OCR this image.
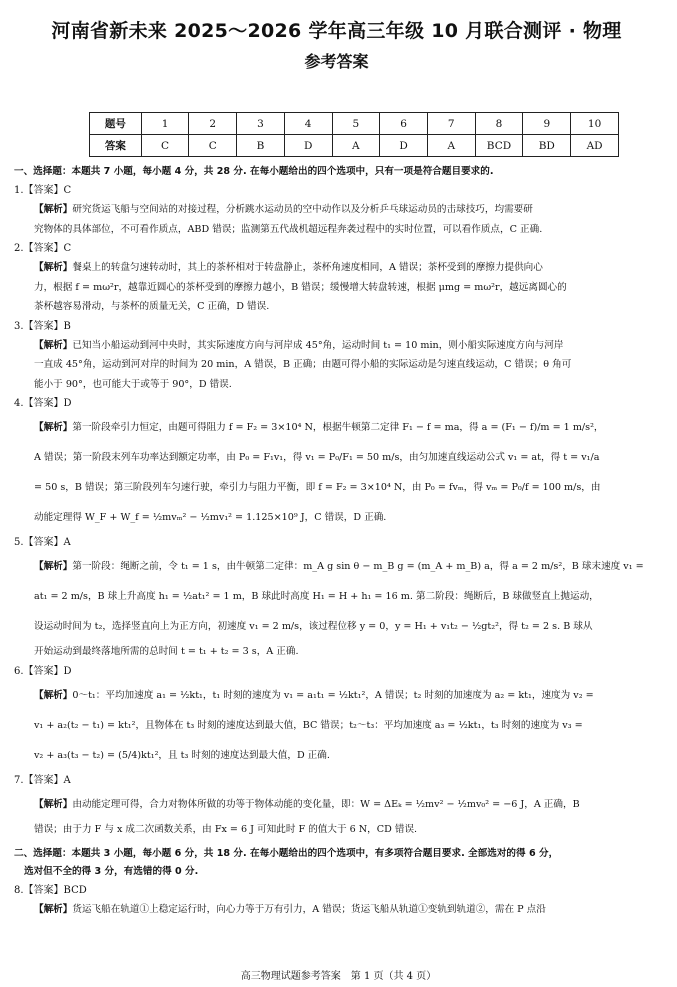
河南省新未来 2025～2026 学年高三年级 10 月联合测评 · 物理
参考答案
题号	1	2	3	4	5	6	7	8	9	10
答案	C	C	B	D	A	D	A	BCD	BD	AD
一、选择题：本题共 7 小题，每小题 4 分，共 28 分. 在每小题给出的四个选项中，只有一项是符合题目要求的.
1.【答案】C
【解析】研究货运飞船与空间站的对接过程，分析跳水运动员的空中动作以及分析乒乓球运动员的击球技巧，均需要研
究物体的具体部位，不可看作质点，ABD 错误；监测第五代战机超远程奔袭过程中的实时位置，可以看作质点，C 正确.
2.【答案】C
【解析】餐桌上的转盘匀速转动时，其上的茶杯相对于转盘静止，茶杯角速度相同，A 错误；茶杯受到的摩擦力提供向心
力，根据 f = mω²r，越靠近圆心的茶杯受到的摩擦力越小，B 错误；缓慢增大转盘转速，根据 μmg = mω²r，越远离圆心的
茶杯越容易滑动，与茶杯的质量无关，C 正确，D 错误.
3.【答案】B
【解析】已知当小船运动到河中央时，其实际速度方向与河岸成 45°角，运动时间 t₁ = 10 min，则小船实际速度方向与河岸
一直成 45°角，运动到河对岸的时间为 20 min，A 错误，B 正确；由题可得小船的实际运动是匀速直线运动，C 错误；θ 角可
能小于 90°，也可能大于或等于 90°，D 错误.
4.【答案】D
【解析】第一阶段牵引力恒定，由题可得阻力 f = F₂ = 3×10⁴ N，根据牛顿第二定律 F₁ − f = ma，得 a = (F₁ − f)/m = 1 m/s²，
A 错误；第一阶段末列车功率达到额定功率，由 P₀ = F₁v₁，得 v₁ = P₀/F₁ = 50 m/s，由匀加速直线运动公式 v₁ = at，得 t = v₁/a
= 50 s，B 错误；第三阶段列车匀速行驶，牵引力与阻力平衡，即 f = F₂ = 3×10⁴ N，由 P₀ = fvₘ，得 vₘ = P₀/f = 100 m/s，由
动能定理得 W_F + W_f = ½mvₘ² − ½mv₁² = 1.125×10⁹ J，C 错误，D 正确.
5.【答案】A
【解析】第一阶段：绳断之前，令 t₁ = 1 s，由牛顿第二定律：m_A g sin θ − m_B g = (m_A + m_B) a，得 a = 2 m/s²，B 球末速度 v₁ =
at₁ = 2 m/s，B 球上升高度 h₁ = ½at₁² = 1 m，B 球此时高度 H₁ = H + h₁ = 16 m. 第二阶段：绳断后，B 球做竖直上抛运动，
设运动时间为 t₂，选择竖直向上为正方向，初速度 v₁ = 2 m/s，该过程位移 y = 0，y = H₁ + v₁t₂ − ½gt₂²，得 t₂ = 2 s. B 球从
开始运动到最终落地所需的总时间 t = t₁ + t₂ = 3 s，A 正确.
6.【答案】D
【解析】0～t₁：平均加速度 a₁ = ½kt₁，t₁ 时刻的速度为 v₁ = a₁t₁ = ½kt₁²，A 错误；t₂ 时刻的加速度为 a₂ = kt₁，速度为 v₂ =
v₁ + a₂(t₂ − t₁) = kt₁²，且物体在 t₃ 时刻的速度达到最大值，BC 错误；t₂～t₃：平均加速度 a₃ = ½kt₁，t₃ 时刻的速度为 v₃ =
v₂ + a₃(t₃ − t₂) = (5/4)kt₁²，且 t₃ 时刻的速度达到最大值，D 正确.
7.【答案】A
【解析】由动能定理可得，合力对物体所做的功等于物体动能的变化量，即：W = ΔEₖ = ½mv² − ½mv₀² = −6 J，A 正确，B
错误；由于力 F 与 x 成二次函数关系，由 Fx = 6 J 可知此时 F 的值大于 6 N，CD 错误.
二、选择题：本题共 3 小题，每小题 6 分，共 18 分. 在每小题给出的四个选项中，有多项符合题目要求. 全部选对的得 6 分，
选对但不全的得 3 分，有选错的得 0 分.
8.【答案】BCD
【解析】货运飞船在轨道①上稳定运行时，向心力等于万有引力，A 错误；货运飞船从轨道①变轨到轨道②，需在 P 点沿
高三物理试题参考答案　第 1 页（共 4 页）
